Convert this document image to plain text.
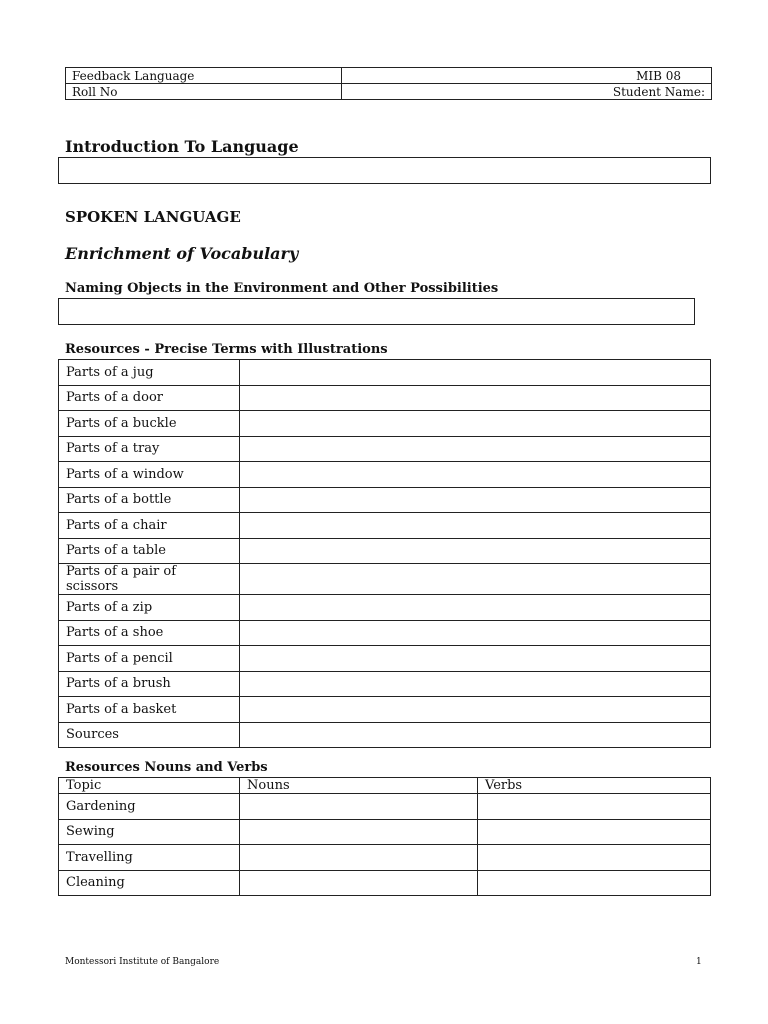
Feedback Language	MIB 08
Roll No	Student Name:
Introduction To Language
SPOKEN LANGUAGE
Enrichment of Vocabulary
Naming Objects in the Environment and Other Possibilities
Resources - Precise Terms with Illustrations
Parts of a jug	
Parts of a door	
Parts of a buckle	
Parts of a tray	
Parts of a window	
Parts of a bottle	
Parts of a chair	
Parts of a table	
Parts of a pair of scissors	
Parts of a zip	
Parts of a shoe	
Parts of a pencil	
Parts of a brush	
Parts of a basket	
Sources	
Resources Nouns and Verbs
Topic	Nouns	Verbs
Gardening		
Sewing		
Travelling		
Cleaning		
Montessori Institute of Bangalore	1
